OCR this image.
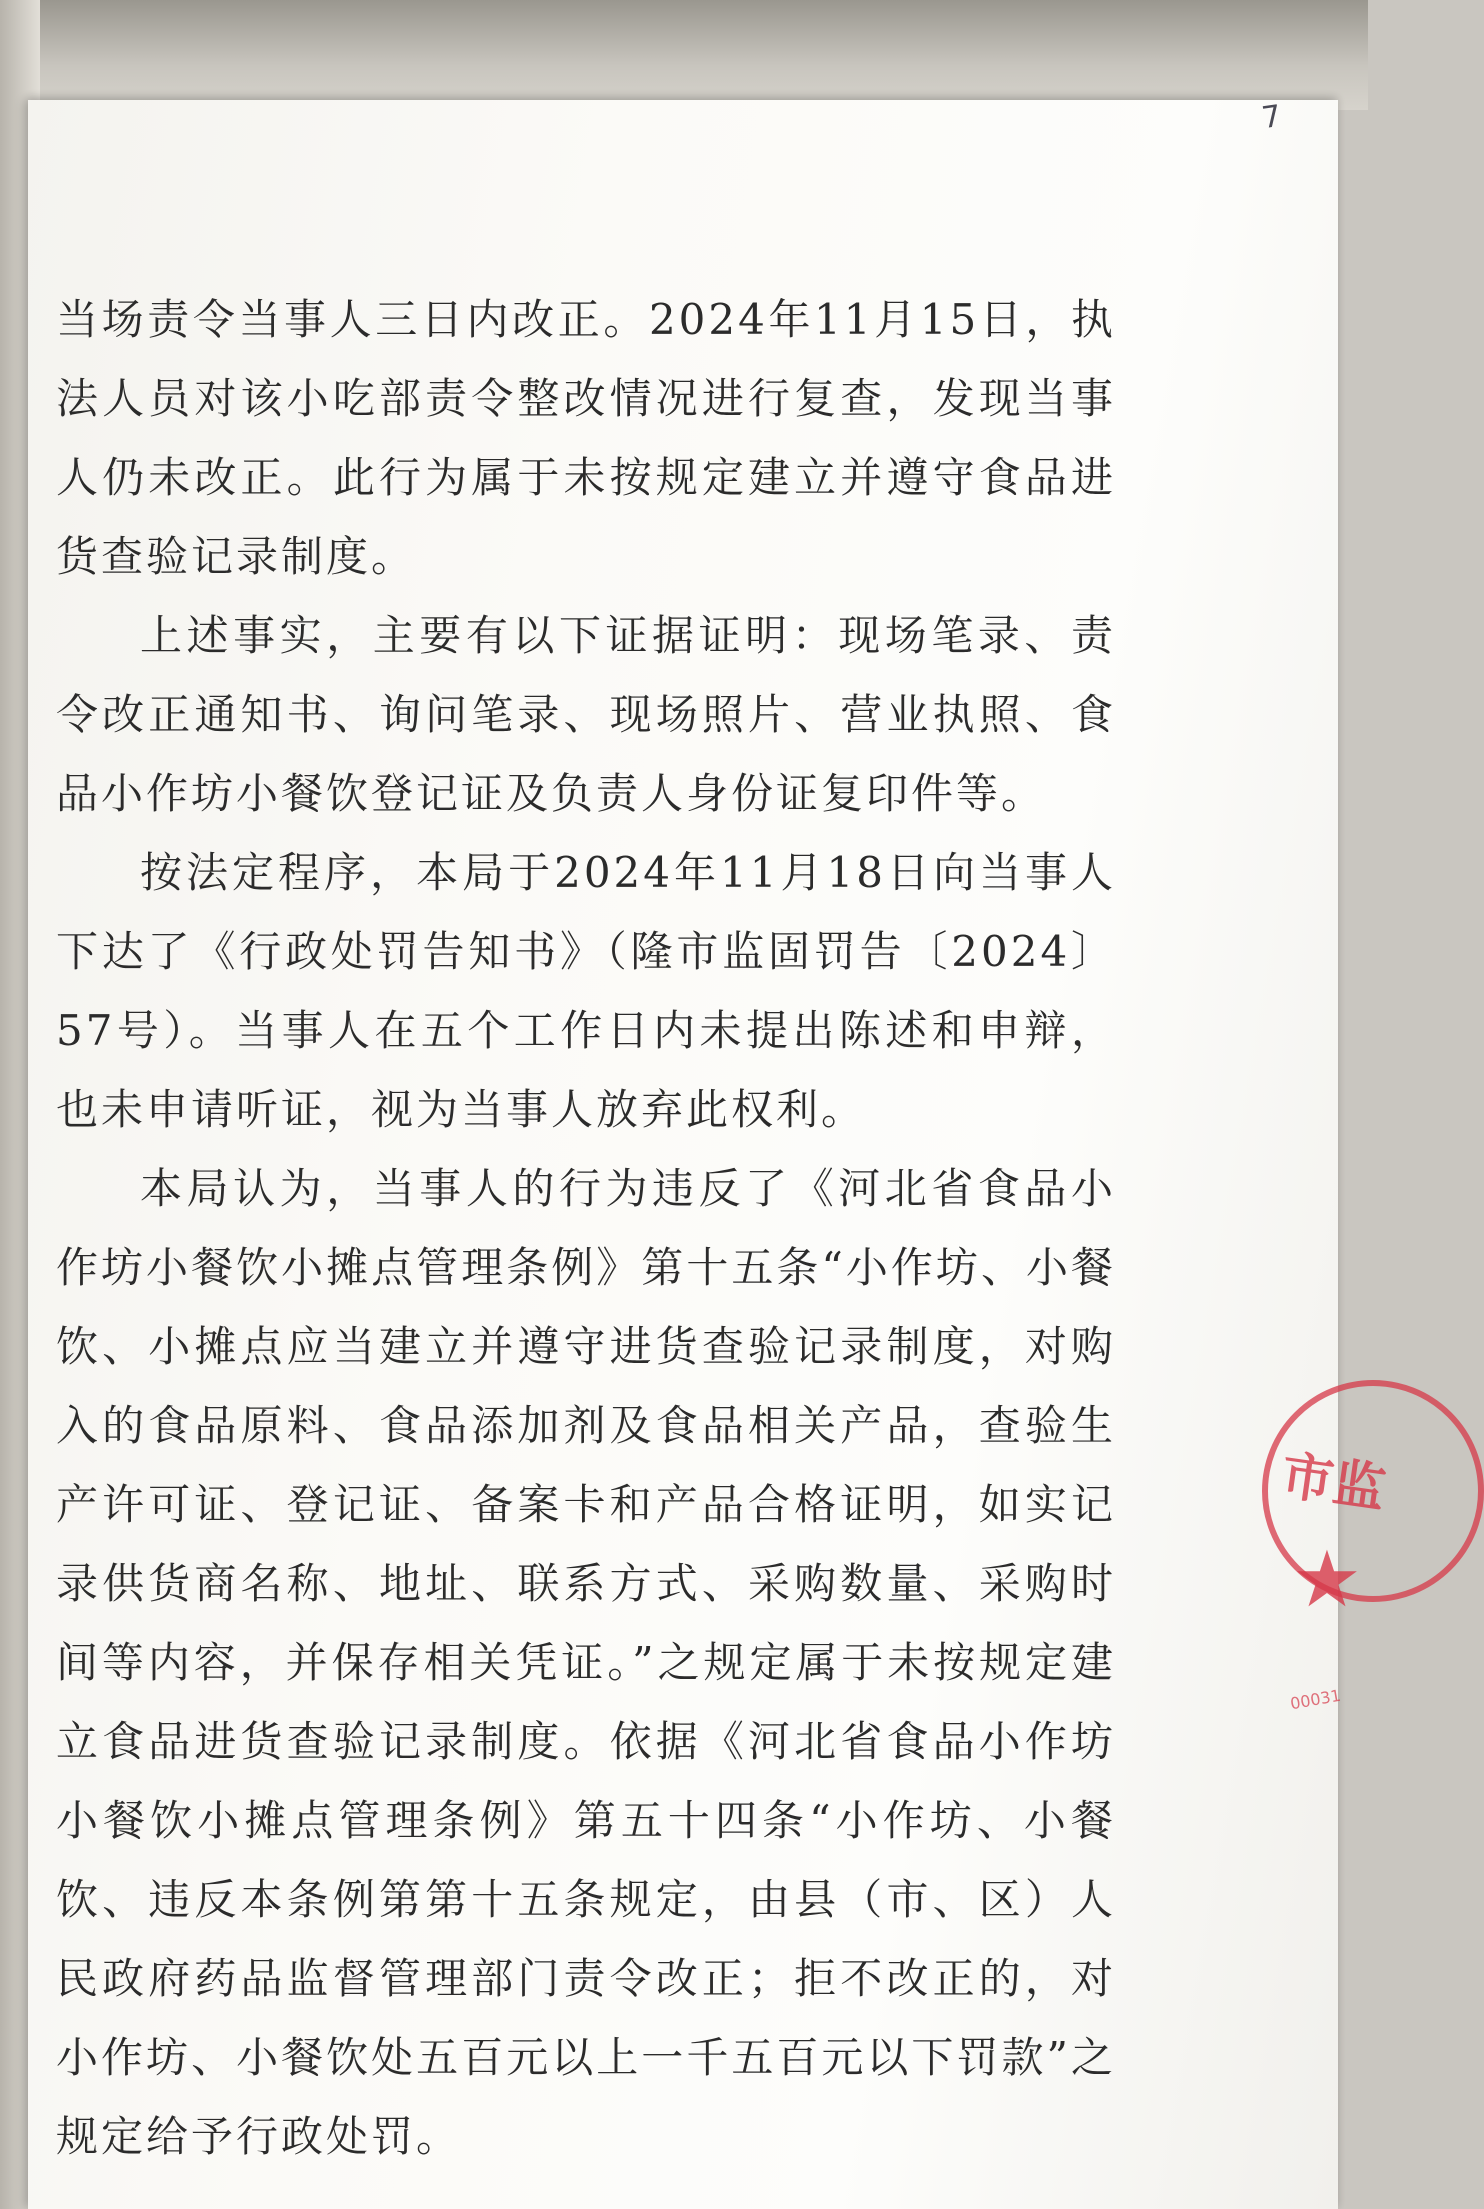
7

当场责令当事人三日内改正。2024年11月15日，执法人员对该小吃部责令整改情况进行复查，发现当事人仍未改正。此行为属于未按规定建立并遵守食品进货查验记录制度。

上述事实，主要有以下证据证明：现场笔录、责令改正通知书、询问笔录、现场照片、营业执照、食品小作坊小餐饮登记证及负责人身份证复印件等。

按法定程序，本局于2024年11月18日向当事人下达了《行政处罚告知书》（隆市监固罚告〔2024〕57号）。当事人在五个工作日内未提出陈述和申辩，也未申请听证，视为当事人放弃此权利。

本局认为，当事人的行为违反了《河北省食品小作坊小餐饮小摊点管理条例》第十五条“小作坊、小餐饮、小摊点应当建立并遵守进货查验记录制度，对购入的食品原料、食品添加剂及食品相关产品，查验生产许可证、登记证、备案卡和产品合格证明，如实记录供货商名称、地址、联系方式、采购数量、采购时间等内容，并保存相关凭证。”之规定属于未按规定建立食品进货查验记录制度。依据《河北省食品小作坊小餐饮小摊点管理条例》第五十四条“小作坊、小餐饮、违反本条例第第十五条规定，由县（市、区）人民政府药品监督管理部门责令改正；拒不改正的，对小作坊、小餐饮处五百元以上一千五百元以下罚款”之规定给予行政处罚。

市监
★
00031
